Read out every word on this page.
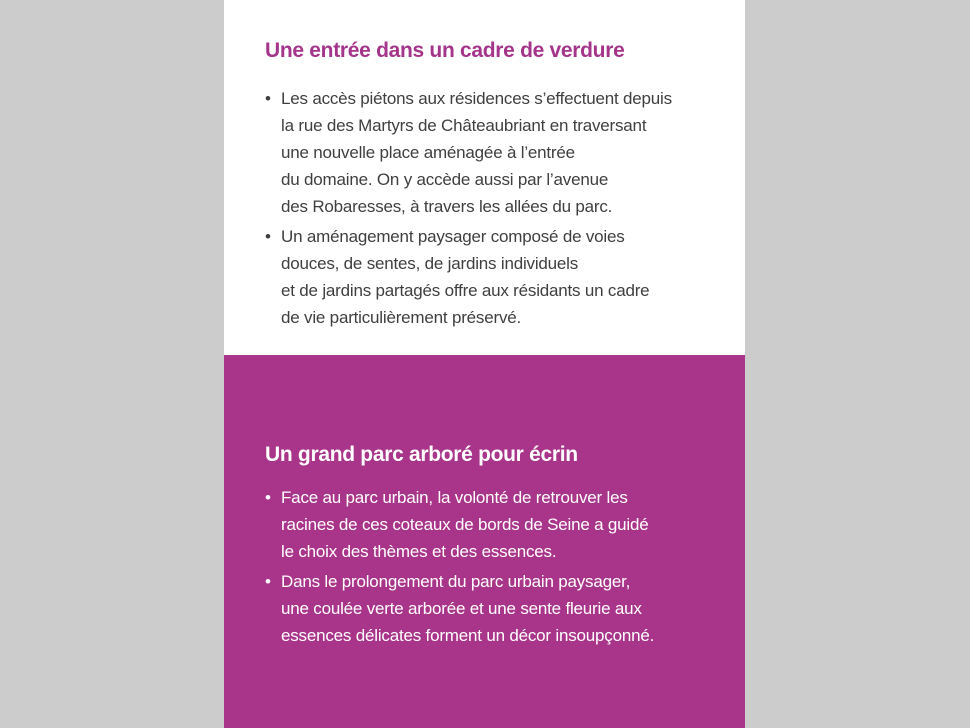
Une entrée dans un cadre de verdure
• Les accès piétons aux résidences s’effectuent depuis
la rue des Martyrs de Châteaubriant en traversant
une nouvelle place aménagée à l’entrée
du domaine. On y accède aussi par l’avenue
des Robaresses, à travers les allées du parc.
• Un aménagement paysager composé de voies
douces, de sentes, de jardins individuels
et de jardins partagés offre aux résidants un cadre
de vie particulièrement préservé.
Un grand parc arboré pour écrin
• Face au parc urbain, la volonté de retrouver les
racines de ces coteaux de bords de Seine a guidé
le choix des thèmes et des essences.
• Dans le prolongement du parc urbain paysager,
une coulée verte arborée et une sente fleurie aux
essences délicates forment un décor insoupçonné.
